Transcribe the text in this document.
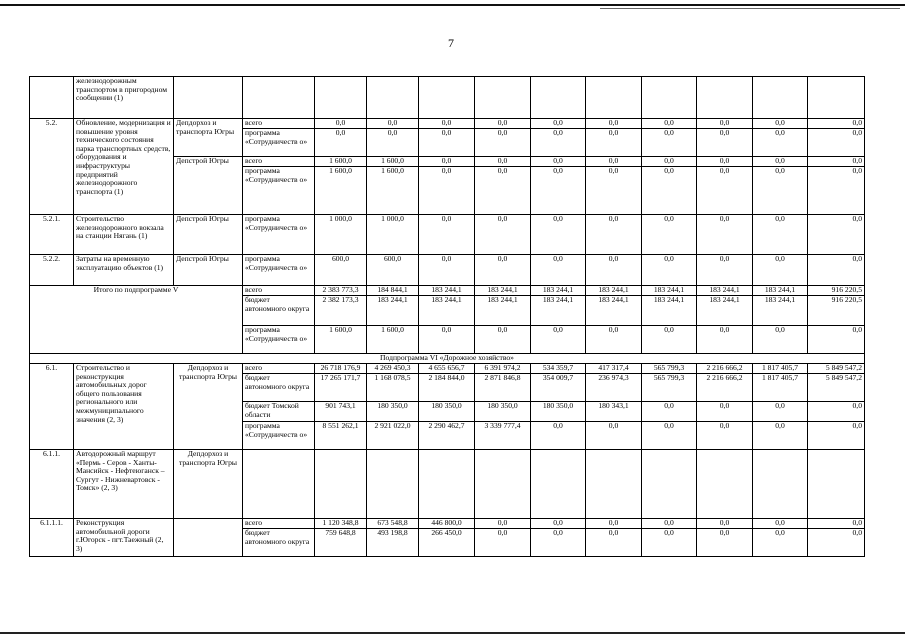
7
	железнодорожным транспортом в пригородном сообщении (1)												
5.2.	Обновление, модернизация и повышение уровня технического состояния парка транспортных средств, оборудования и инфраструктуры предприятий железнодорожного транспорта (1)	Депдорхоз и транспорта Югры	всего	0,0	0,0	0,0	0,0	0,0	0,0	0,0	0,0	0,0	0,0
			программа «Сотрудничеств о»	0,0	0,0	0,0	0,0	0,0	0,0	0,0	0,0	0,0	0,0
		Депстрой Югры	всего	1 600,0	1 600,0	0,0	0,0	0,0	0,0	0,0	0,0	0,0	0,0
			программа «Сотрудничеств о»	1 600,0	1 600,0	0,0	0,0	0,0	0,0	0,0	0,0	0,0	0,0
5.2.1.	Строительство железнодорожного вокзала на станции Нягань (1)	Депстрой Югры	программа «Сотрудничеств о»	1 000,0	1 000,0	0,0	0,0	0,0	0,0	0,0	0,0	0,0	0,0
5.2.2.	Затраты на временную эксплуатацию объектов (1)	Депстрой Югры	программа «Сотрудничеств о»	600,0	600,0	0,0	0,0	0,0	0,0	0,0	0,0	0,0	0,0
Итого по подпрограмме V			всего	2 383 773,3	184 844,1	183 244,1	183 244,1	183 244,1	183 244,1	183 244,1	183 244,1	183 244,1	916 220,5
			бюджет автономного округа	2 382 173,3	183 244,1	183 244,1	183 244,1	183 244,1	183 244,1	183 244,1	183 244,1	183 244,1	916 220,5
			программа «Сотрудничеств о»	1 600,0	1 600,0	0,0	0,0	0,0	0,0	0,0	0,0	0,0	0,0
Подпрограмма VI «Дорожное хозяйство»													
6.1.	Строительство и реконструкция автомобильных дорог общего пользования регионального или межмуниципального значения (2, 3)	Депдорхоз и транспорта Югры	всего	26 718 176,9	4 269 450,3	4 655 656,7	6 391 974,2	534 359,7	417 317,4	565 799,3	2 216 666,2	1 817 405,7	5 849 547,2
			бюджет автономного округа	17 265 171,7	1 168 078,5	2 184 844,0	2 871 846,8	354 009,7	236 974,3	565 799,3	2 216 666,2	1 817 405,7	5 849 547,2
			бюджет Томской области	901 743,1	180 350,0	180 350,0	180 350,0	180 350,0	180 343,1	0,0	0,0	0,0	0,0
			программа «Сотрудничеств о»	8 551 262,1	2 921 022,0	2 290 462,7	3 339 777,4	0,0	0,0	0,0	0,0	0,0	0,0
6.1.1.	Автодорожный маршрут «Пермь - Серов - Ханты-Мансийск - Нефтеюганск – Сургут - Нижневартовск - Томск» (2, 3)	Депдорхоз и транспорта Югры											
6.1.1.1.	Реконструкция автомобильной дороги г.Югорск - пгт.Таежный (2, 3)		всего	1 120 348,8	673 548,8	446 800,0	0,0	0,0	0,0	0,0	0,0	0,0	0,0
			бюджет автономного округа	759 648,8	493 198,8	266 450,0	0,0	0,0	0,0	0,0	0,0	0,0	0,0
